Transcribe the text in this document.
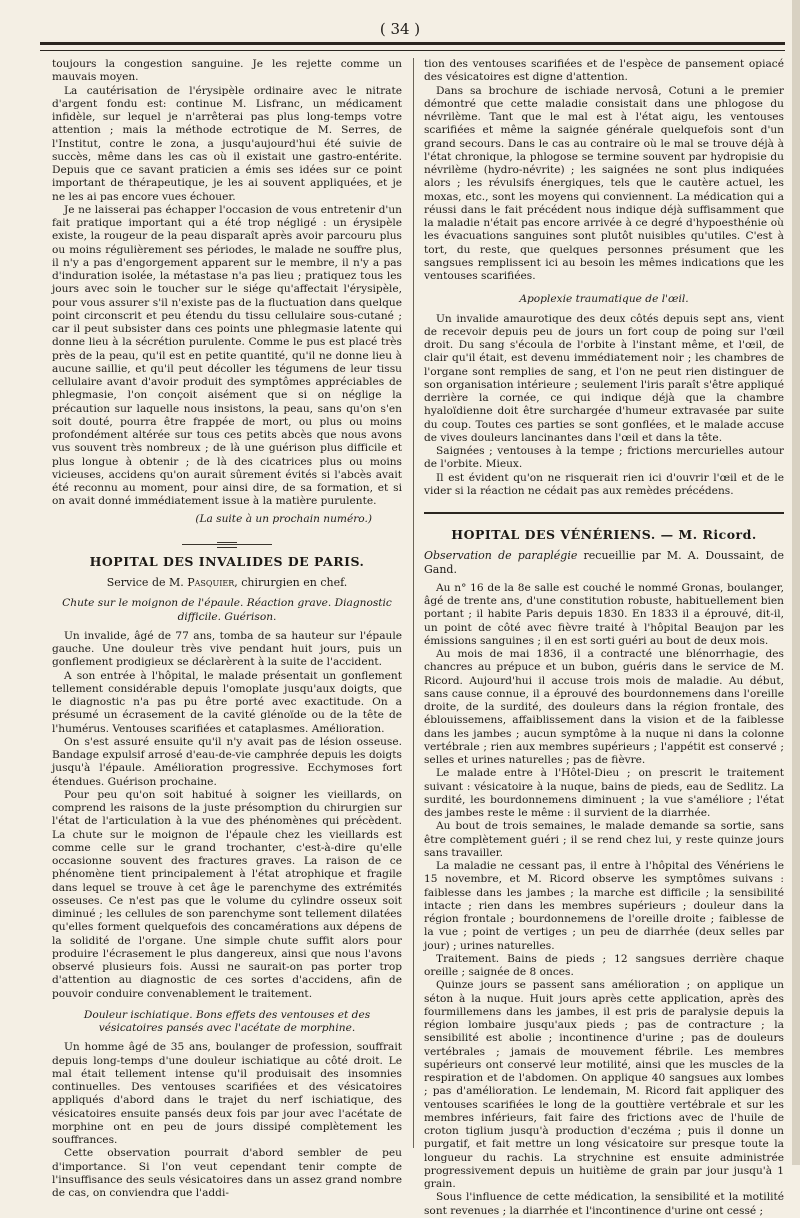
( 34 )

toujours la congestion sanguine. Je les rejette comme un mauvais moyen.

La cautérisation de l'érysipèle ordinaire avec le nitrate d'argent fondu est: continue M. Lisfranc, un médicament infidèle, sur lequel je n'arrêterai pas plus long-temps votre attention ; mais la méthode ectrotique de M. Serres, de l'Institut, contre le zona, a jusqu'aujourd'hui été suivie de succès, même dans les cas où il existait une gastro-entérite. Depuis que ce savant praticien a émis ses idées sur ce point important de thérapeutique, je les ai souvent appliquées, et je ne les ai pas encore vues échouer.

Je ne laisserai pas échapper l'occasion de vous entretenir d'un fait pratique important qui a été trop négligé : un érysipèle existe, la rougeur de la peau disparaît après avoir parcouru plus ou moins régulièrement ses périodes, le malade ne souffre plus, il n'y a pas d'engorgement apparent sur le membre, il n'y a pas d'induration isolée, la métastase n'a pas lieu ; pratiquez tous les jours avec soin le toucher sur le siége qu'affectait l'érysipèle, pour vous assurer s'il n'existe pas de la fluctuation dans quelque point circonscrit et peu étendu du tissu cellulaire sous-cutané ; car il peut subsister dans ces points une phlegmasie latente qui donne lieu à la sécrétion purulente. Comme le pus est placé très près de la peau, qu'il est en petite quantité, qu'il ne donne lieu à aucune saillie, et qu'il peut décoller les tégumens de leur tissu cellulaire avant d'avoir produit des symptômes appréciables de phlegmasie, l'on conçoit aisément que si on néglige la précaution sur laquelle nous insistons, la peau, sans qu'on s'en soit douté, pourra être frappée de mort, ou plus ou moins profondément altérée sur tous ces petits abcès que nous avons vus souvent très nombreux ; de là une guérison plus difficile et plus longue à obtenir ; de là des cicatrices plus ou moins vicieuses, accidens qu'on aurait sûrement évités si l'abcès avait été reconnu au moment, pour ainsi dire, de sa formation, et si on avait donné immédiatement issue à la matière purulente.

(La suite à un prochain numéro.)

HOPITAL DES INVALIDES DE PARIS.

Service de M. Pasquier, chirurgien en chef.

Chute sur le moignon de l'épaule. Réaction grave. Diagnostic difficile. Guérison.

Un invalide, âgé de 77 ans, tomba de sa hauteur sur l'épaule gauche. Une douleur très vive pendant huit jours, puis un gonflement prodigieux se déclarèrent à la suite de l'accident.

A son entrée à l'hôpital, le malade présentait un gonflement tellement considérable depuis l'omoplate jusqu'aux doigts, que le diagnostic n'a pas pu être porté avec exactitude. On a présumé un écrasement de la cavité glénoïde ou de la tête de l'humérus. Ventouses scarifiées et cataplasmes. Amélioration.

On s'est assuré ensuite qu'il n'y avait pas de lésion osseuse. Bandage expulsif arrosé d'eau-de-vie camphrée depuis les doigts jusqu'à l'épaule. Amélioration progressive. Ecchymoses fort étendues. Guérison prochaine.

Pour peu qu'on soit habitué à soigner les vieillards, on comprend les raisons de la juste présomption du chirurgien sur l'état de l'articulation à la vue des phénomènes qui précèdent. La chute sur le moignon de l'épaule chez les vieillards est comme celle sur le grand trochanter, c'est-à-dire qu'elle occasionne souvent des fractures graves. La raison de ce phénomène tient principalement à l'état atrophique et fragile dans lequel se trouve à cet âge le parenchyme des extrémités osseuses. Ce n'est pas que le volume du cylindre osseux soit diminué ; les cellules de son parenchyme sont tellement dilatées qu'elles forment quelquefois des concamérations aux dépens de la solidité de l'organe. Une simple chute suffit alors pour produire l'écrasement le plus dangereux, ainsi que nous l'avons observé plusieurs fois. Aussi ne saurait-on pas porter trop d'attention au diagnostic de ces sortes d'accidens, afin de pouvoir conduire convenablement le traitement.

Douleur ischiatique. Bons effets des ventouses et des vésicatoires pansés avec l'acétate de morphine.

Un homme âgé de 35 ans, boulanger de profession, souffrait depuis long-temps d'une douleur ischiatique au côté droit. Le mal était tellement intense qu'il produisait des insomnies continuelles. Des ventouses scarifiées et des vésicatoires appliqués d'abord dans le trajet du nerf ischiatique, des vésicatoires ensuite pansés deux fois par jour avec l'acétate de morphine ont en peu de jours dissipé complètement les souffrances.

Cette observation pourrait d'abord sembler de peu d'importance. Si l'on veut cependant tenir compte de l'insuffisance des seuls vésicatoires dans un assez grand nombre de cas, on conviendra que l'addi-

tion des ventouses scarifiées et de l'espèce de pansement opiacé des vésicatoires est digne d'attention.

Dans sa brochure de ischiade nervosâ, Cotuni a le premier démontré que cette maladie consistait dans une phlogose du névrilème. Tant que le mal est à l'état aigu, les ventouses scarifiées et même la saignée générale quelquefois sont d'un grand secours. Dans le cas au contraire où le mal se trouve déjà à l'état chronique, la phlogose se termine souvent par hydropisie du névrilème (hydro-névrite) ; les saignées ne sont plus indiquées alors ; les révulsifs énergiques, tels que le cautère actuel, les moxas, etc., sont les moyens qui conviennent. La médication qui a réussi dans le fait précédent nous indique déjà suffisamment que la maladie n'était pas encore arrivée à ce degré d'hypoesthénie où les évacuations sanguines sont plutôt nuisibles qu'utiles. C'est à tort, du reste, que quelques personnes présument que les sangsues remplissent ici au besoin les mêmes indications que les ventouses scarifiées.

Apoplexie traumatique de l'œil.

Un invalide amaurotique des deux côtés depuis sept ans, vient de recevoir depuis peu de jours un fort coup de poing sur l'œil droit. Du sang s'écoula de l'orbite à l'instant même, et l'œil, de clair qu'il était, est devenu immédiatement noir ; les chambres de l'organe sont remplies de sang, et l'on ne peut rien distinguer de son organisation intérieure ; seulement l'iris paraît s'être appliqué derrière la cornée, ce qui indique déjà que la chambre hyaloïdienne doit être surchargée d'humeur extravasée par suite du coup. Toutes ces parties se sont gonflées, et le malade accuse de vives douleurs lancinantes dans l'œil et dans la tête.

Saignées ; ventouses à la tempe ; frictions mercurielles autour de l'orbite. Mieux.

Il est évident qu'on ne risquerait rien ici d'ouvrir l'œil et de le vider si la réaction ne cédait pas aux remèdes précédens.

HOPITAL DES VÉNÉRIENS. — M. Ricord.

Observation de paraplégie recueillie par M. A. Doussaint, de Gand.

Au n° 16 de la 8e salle est couché le nommé Gronas, boulanger, âgé de trente ans, d'une constitution robuste, habituellement bien portant ; il habite Paris depuis 1830. En 1833 il a éprouvé, dit-il, un point de côté avec fièvre traité à l'hôpital Beaujon par les émissions sanguines ; il en est sorti guéri au bout de deux mois.

Au mois de mai 1836, il a contracté une blénorrhagie, des chancres au prépuce et un bubon, guéris dans le service de M. Ricord. Aujourd'hui il accuse trois mois de maladie. Au début, sans cause connue, il a éprouvé des bourdonnemens dans l'oreille droite, de la surdité, des douleurs dans la région frontale, des éblouissemens, affaiblissement dans la vision et de la faiblesse dans les jambes ; aucun symptôme à la nuque ni dans la colonne vertébrale ; rien aux membres supérieurs ; l'appétit est conservé ; selles et urines naturelles ; pas de fièvre.

Le malade entre à l'Hôtel-Dieu ; on prescrit le traitement suivant : vésicatoire à la nuque, bains de pieds, eau de Sedlitz. La surdité, les bourdonnemens diminuent ; la vue s'améliore ; l'état des jambes reste le même : il survient de la diarrhée.

Au bout de trois semaines, le malade demande sa sortie, sans être complètement guéri ; il se rend chez lui, y reste quinze jours sans travailler.

La maladie ne cessant pas, il entre à l'hôpital des Vénériens le 15 novembre, et M. Ricord observe les symptômes suivans : faiblesse dans les jambes ; la marche est difficile ; la sensibilité intacte ; rien dans les membres supérieurs ; douleur dans la région frontale ; bourdonnemens de l'oreille droite ; faiblesse de la vue ; point de vertiges ; un peu de diarrhée (deux selles par jour) ; urines naturelles.

Traitement. Bains de pieds ; 12 sangsues derrière chaque oreille ; saignée de 8 onces.

Quinze jours se passent sans amélioration ; on applique un séton à la nuque. Huit jours après cette application, après des fourmillemens dans les jambes, il est pris de paralysie depuis la région lombaire jusqu'aux pieds ; pas de contracture ; la sensibilité est abolie ; incontinence d'urine ; pas de douleurs vertébrales ; jamais de mouvement fébrile. Les membres supérieurs ont conservé leur motilité, ainsi que les muscles de la respiration et de l'abdomen. On applique 40 sangsues aux lombes ; pas d'amélioration. Le lendemain, M. Ricord fait appliquer des ventouses scarifiées le long de la gouttière vertébrale et sur les membres inférieurs, fait faire des frictions avec de l'huile de croton tiglium jusqu'à production d'eczéma ; puis il donne un purgatif, et fait mettre un long vésicatoire sur presque toute la longueur du rachis. La strychnine est ensuite administrée progressivement depuis un huitième de grain par jour jusqu'à 1 grain.

Sous l'influence de cette médication, la sensibilité et la motilité sont revenues ; la diarrhée et l'incontinence d'urine ont cessé ;
